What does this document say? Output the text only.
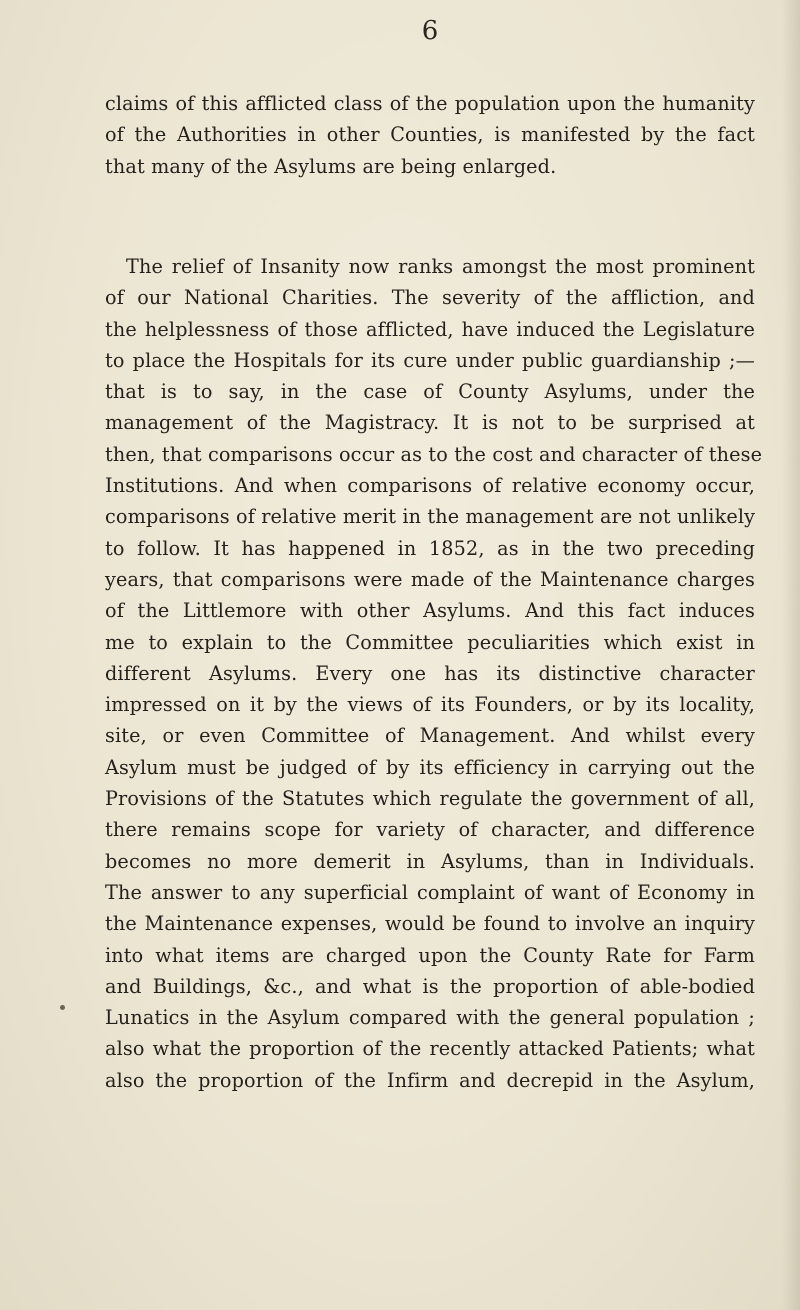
6
claims of this afflicted class of the population upon the humanity
of the Authorities in other Counties, is manifested by the fact
that many of the Asylums are being enlarged.
The relief of Insanity now ranks amongst the most prominent
of our National Charities. The severity of the affliction, and
the helplessness of those afflicted, have induced the Legislature
to place the Hospitals for its cure under public guardianship ;—
that is to say, in the case of County Asylums, under the
management of the Magistracy. It is not to be surprised at
then, that comparisons occur as to the cost and character of these
Institutions. And when comparisons of relative economy occur,
comparisons of relative merit in the management are not unlikely
to follow. It has happened in 1852, as in the two preceding
years, that comparisons were made of the Maintenance charges
of the Littlemore with other Asylums. And this fact induces
me to explain to the Committee peculiarities which exist in
different Asylums. Every one has its distinctive character
impressed on it by the views of its Founders, or by its locality,
site, or even Committee of Management. And whilst every
Asylum must be judged of by its efficiency in carrying out the
Provisions of the Statutes which regulate the government of all,
there remains scope for variety of character, and difference
becomes no more demerit in Asylums, than in Individuals.
The answer to any superficial complaint of want of Economy in
the Maintenance expenses, would be found to involve an inquiry
into what items are charged upon the County Rate for Farm
and Buildings, &c., and what is the proportion of able-bodied
Lunatics in the Asylum compared with the general population ;
also what the proportion of the recently attacked Patients; what
also the proportion of the Infirm and decrepid in the Asylum,
